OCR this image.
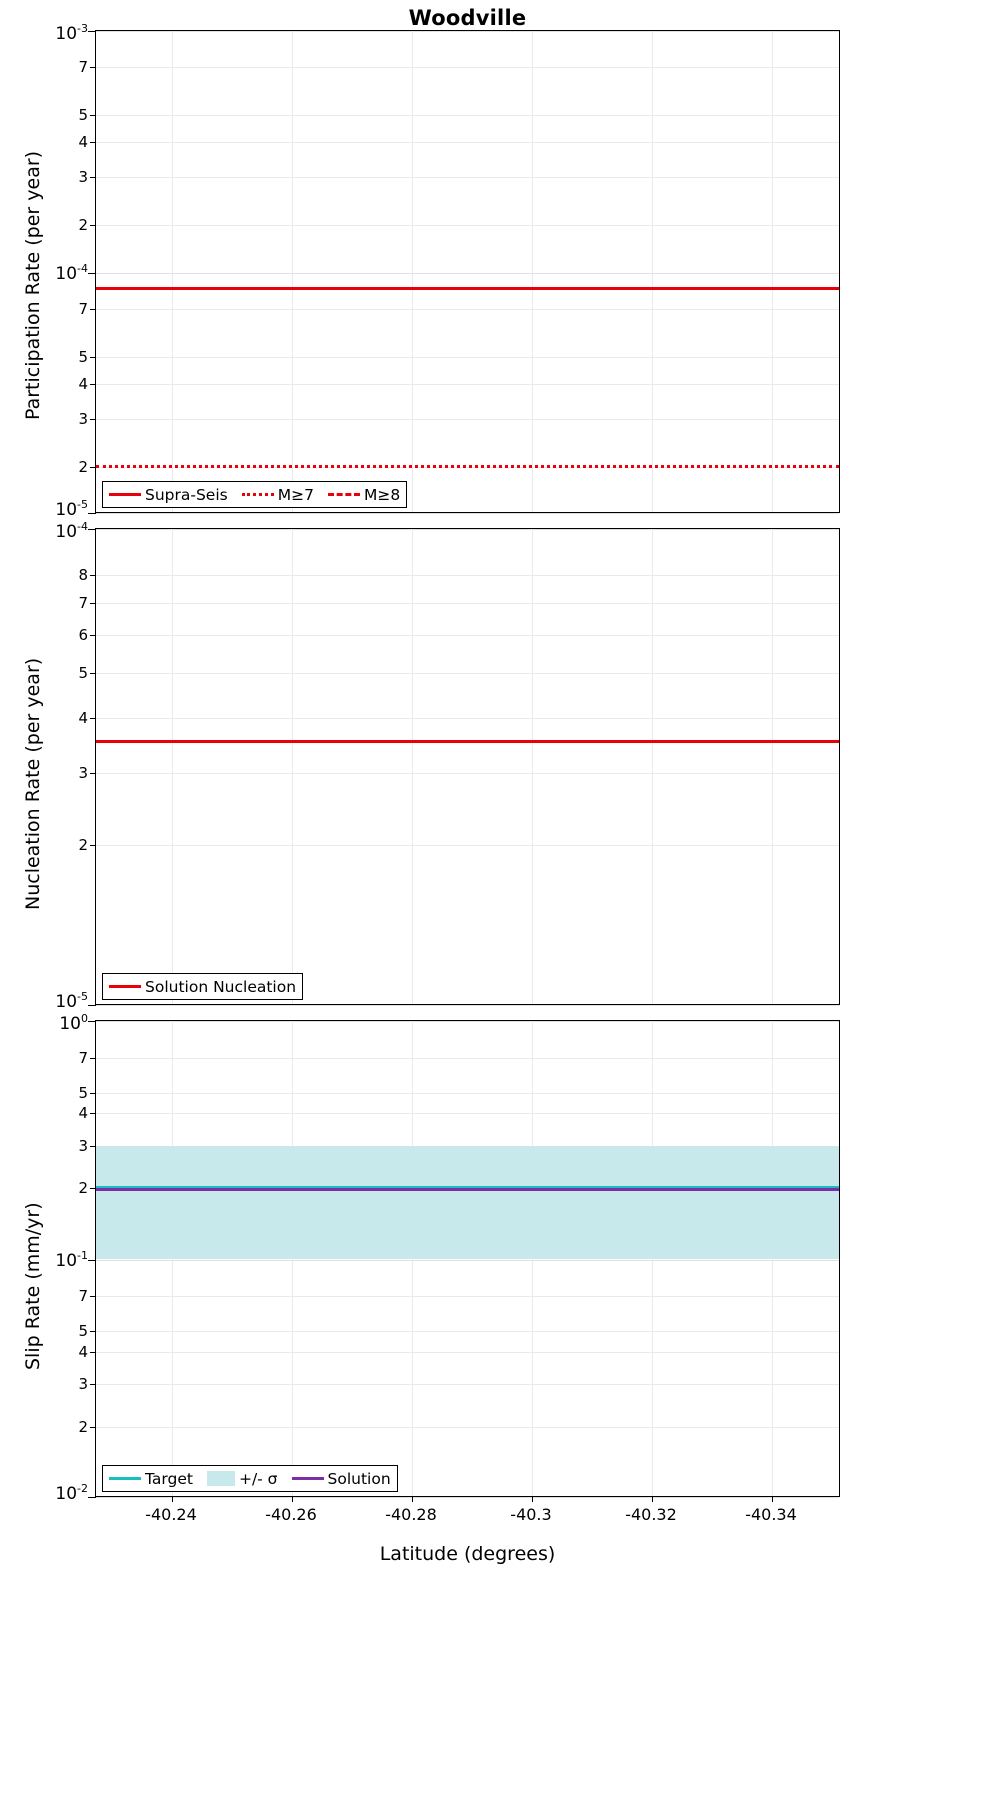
Woodville
$10^{-3}$
7
5
4
3
2
$10^{-4}$
7
5
4
3
2
$10^{-5}$
Supra-Seis	M≥7	M≥8
Participation Rate (per year)
$10^{-4}$
8
7
6
5
4
3
2
$10^{-5}$
Solution Nucleation
Nucleation Rate (per year)
$10^0$
7
5
4
3
2
$10^{-1}$
7
5
4
3
2
$10^{-2}$
Target	+/- σ	Solution
Slip Rate (mm/yr)
-40.24	-40.26	-40.28	-40.3	-40.32	-40.34
Latitude (degrees)
